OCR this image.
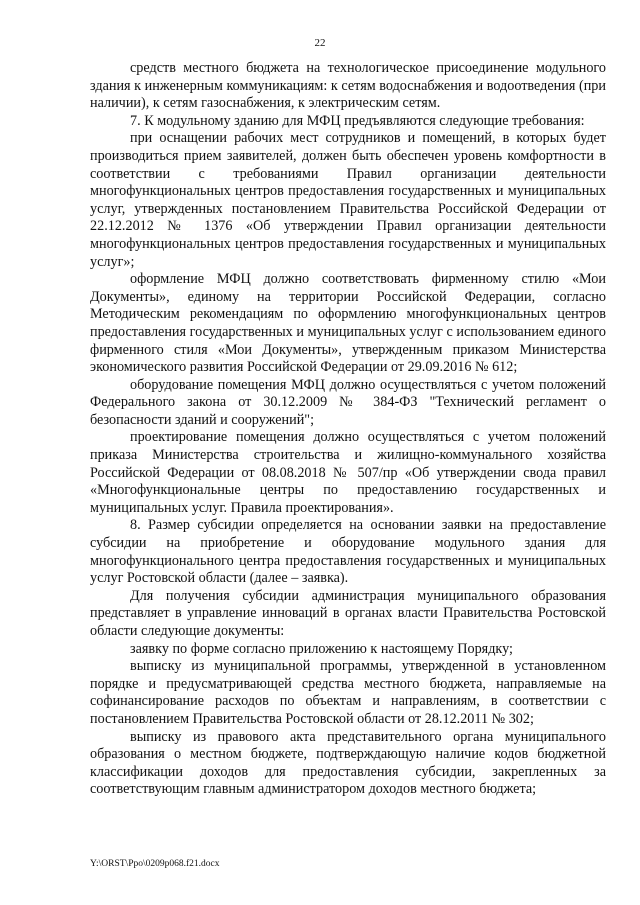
22

средств местного бюджета на технологическое присоединение модульного здания к инженерным коммуникациям: к сетям водоснабжения и водоотведения (при наличии), к сетям газоснабжения, к электрическим сетям.

7. К модульному зданию для МФЦ предъявляются следующие требования:

при оснащении рабочих мест сотрудников и помещений, в которых будет производиться прием заявителей, должен быть обеспечен уровень комфортности в соответствии с требованиями Правил организации деятельности многофункциональных центров предоставления государственных и муниципальных услуг, утвержденных постановлением Правительства Российской Федерации от 22.12.2012 № 1376 «Об утверждении Правил организации деятельности многофункциональных центров предоставления государственных и муниципальных услуг»;

оформление МФЦ должно соответствовать фирменному стилю «Мои Документы», единому на территории Российской Федерации, согласно Методическим рекомендациям по оформлению многофункциональных центров предоставления государственных и муниципальных услуг с использованием единого фирменного стиля «Мои Документы», утвержденным приказом Министерства экономического развития Российской Федерации от 29.09.2016 № 612;

оборудование помещения МФЦ должно осуществляться с учетом положений Федерального закона от 30.12.2009 № 384-ФЗ "Технический регламент о безопасности зданий и сооружений";

проектирование помещения должно осуществляться с учетом положений приказа Министерства строительства и жилищно-коммунального хозяйства Российской Федерации от 08.08.2018 № 507/пр «Об утверждении свода правил «Многофункциональные центры по предоставлению государственных и муниципальных услуг. Правила проектирования».

8. Размер субсидии определяется на основании заявки на предоставление субсидии на приобретение и оборудование модульного здания для многофункционального центра предоставления государственных и муниципальных услуг Ростовской области (далее – заявка).

Для получения субсидии администрация муниципального образования представляет в управление инноваций в органах власти Правительства Ростовской области следующие документы:

заявку по форме согласно приложению к настоящему Порядку;

выписку из муниципальной программы, утвержденной в установленном порядке и предусматривающей средства местного бюджета, направляемые на софинансирование расходов по объектам и направлениям, в соответствии с постановлением Правительства Ростовской области от 28.12.2011 № 302;

выписку из правового акта представительного органа муниципального образования о местном бюджете, подтверждающую наличие кодов бюджетной классификации доходов для предоставления субсидии, закрепленных за соответствующим главным администратором доходов местного бюджета;

Y:\ORST\Ppo\0209p068.f21.docx
